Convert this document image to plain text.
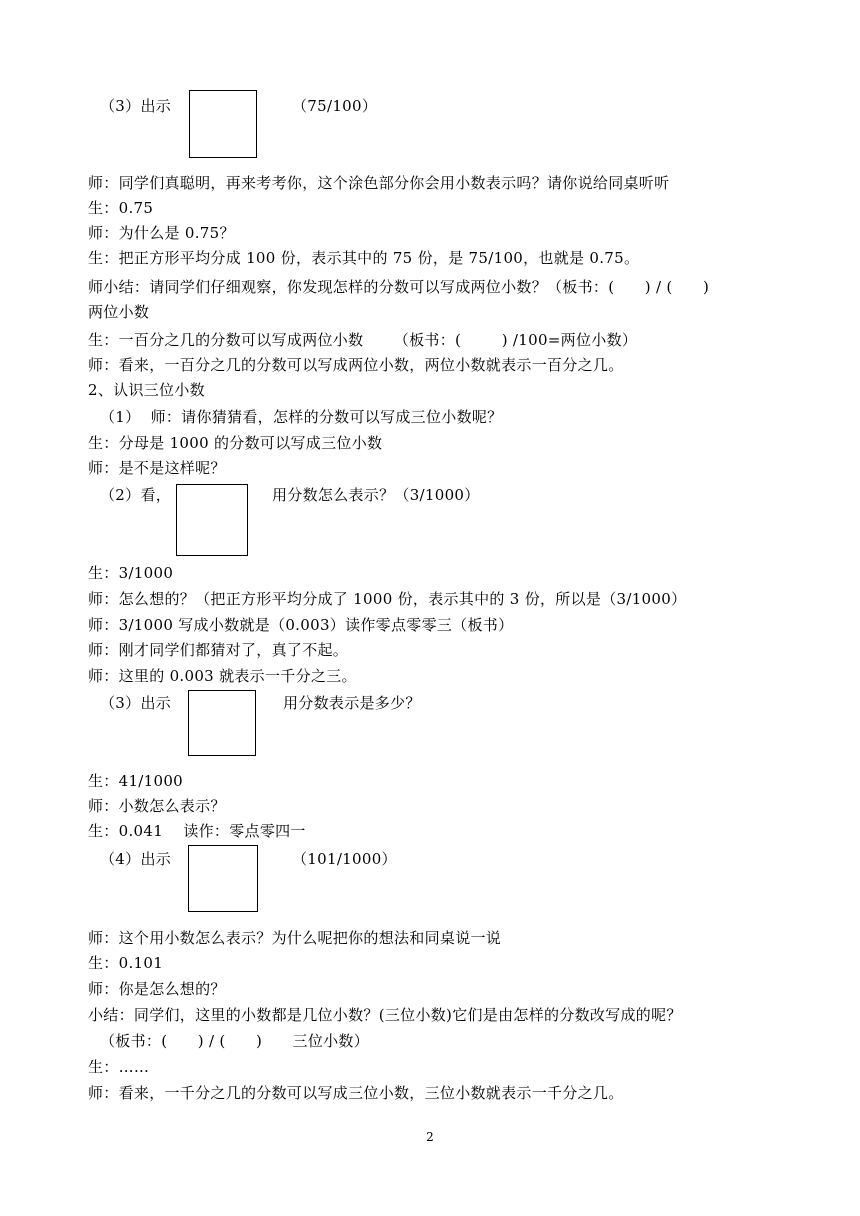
（3）出示	（75/100）
师：同学们真聪明，再来考考你，这个涂色部分你会用小数表示吗？请你说给同桌听听
生：0.75
师：为什么是 0.75？
生：把正方形平均分成 100 份，表示其中的 75 份，是 75/100，也就是 0.75。
师小结：请同学们仔细观察，你发现怎样的分数可以写成两位小数？（板书：(      ) / (      )
两位小数
生：一百分之几的分数可以写成两位小数      （板书：(        ) /100=两位小数）
师：看来，一百分之几的分数可以写成两位小数，两位小数就表示一百分之几。
2、认识三位小数
（1）  师：请你猜猜看，怎样的分数可以写成三位小数呢？
生：分母是 1000 的分数可以写成三位小数
师：是不是这样呢？
（2）看，	用分数怎么表示？（3/1000）
生：3/1000
师：怎么想的？（把正方形平均分成了 1000 份，表示其中的 3 份，所以是（3/1000）
师：3/1000 写成小数就是（0.003）读作零点零零三（板书）
师：刚才同学们都猜对了，真了不起。
师：这里的 0.003 就表示一千分之三。
（3）出示	用分数表示是多少？
生：41/1000
师：小数怎么表示？
生：0.041    读作：零点零四一
（4）出示	（101/1000）
师：这个用小数怎么表示？为什么呢把你的想法和同桌说一说
生：0.101
师：你是怎么想的？
小结：同学们，这里的小数都是几位小数？(三位小数)它们是由怎样的分数改写成的呢？
（板书：(      ) / (      )      三位小数）
生：……
师：看来，一千分之几的分数可以写成三位小数，三位小数就表示一千分之几。
2
